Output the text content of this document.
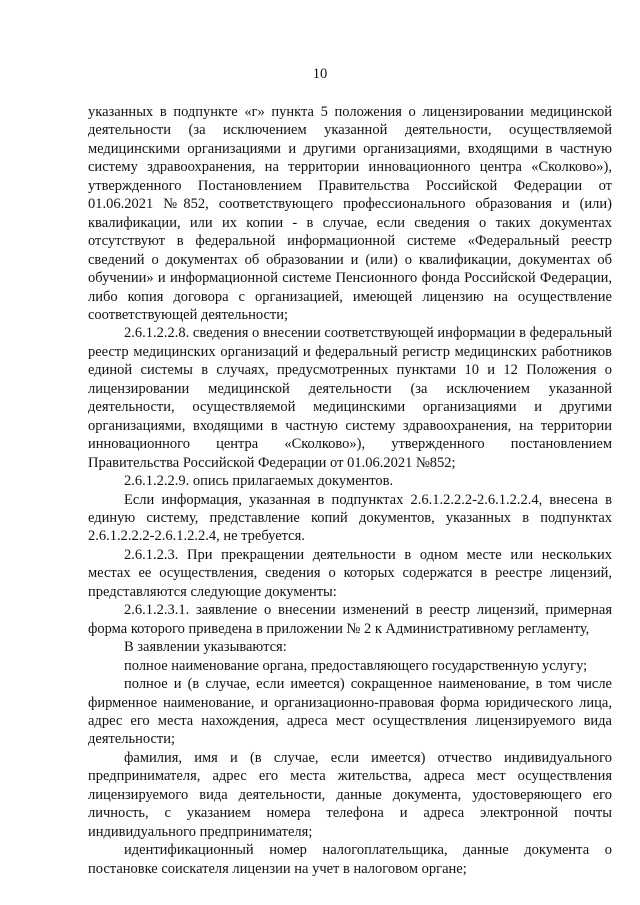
10

указанных в подпункте «г» пункта 5 положения о лицензировании медицинской деятельности (за исключением указанной деятельности, осуществляемой медицинскими организациями и другими организациями, входящими в частную систему здравоохранения, на территории инновационного центра «Сколково»), утвержденного Постановлением Правительства Российской Федерации от 01.06.2021 №852, соответствующего профессионального образования и (или) квалификации, или их копии - в случае, если сведения о таких документах отсутствуют в федеральной информационной системе «Федеральный реестр сведений о документах об образовании и (или) о квалификации, документах об обучении» и информационной системе Пенсионного фонда Российской Федерации, либо копия договора с организацией, имеющей лицензию на осуществление соответствующей деятельности;

2.6.1.2.2.8. сведения о внесении соответствующей информации в федеральный реестр медицинских организаций и федеральный регистр медицинских работников единой системы в случаях, предусмотренных пунктами 10 и 12 Положения о лицензировании медицинской деятельности (за исключением указанной деятельности, осуществляемой медицинскими организациями и другими организациями, входящими в частную систему здравоохранения, на территории инновационного центра «Сколково»), утвержденного постановлением Правительства Российской Федерации от 01.06.2021 №852;

2.6.1.2.2.9. опись прилагаемых документов.

Если информация, указанная в подпунктах 2.6.1.2.2.2-2.6.1.2.2.4, внесена в единую систему, представление копий документов, указанных в подпунктах 2.6.1.2.2.2-2.6.1.2.2.4, не требуется.

2.6.1.2.3. При прекращении деятельности в одном месте или нескольких местах ее осуществления, сведения о которых содержатся в реестре лицензий, представляются следующие документы:

2.6.1.2.3.1. заявление о внесении изменений в реестр лицензий, примерная форма которого приведена в приложении № 2 к Административному регламенту,

В заявлении указываются:

полное наименование органа, предоставляющего государственную услугу;

полное и (в случае, если имеется) сокращенное наименование, в том числе фирменное наименование, и организационно-правовая форма юридического лица, адрес его места нахождения, адреса мест осуществления лицензируемого вида деятельности;

фамилия, имя и (в случае, если имеется) отчество индивидуального предпринимателя, адрес его места жительства, адреса мест осуществления лицензируемого вида деятельности, данные документа, удостоверяющего его личность, с указанием номера телефона и адреса электронной почты индивидуального предпринимателя;

идентификационный номер налогоплательщика, данные документа о постановке соискателя лицензии на учет в налоговом органе;
